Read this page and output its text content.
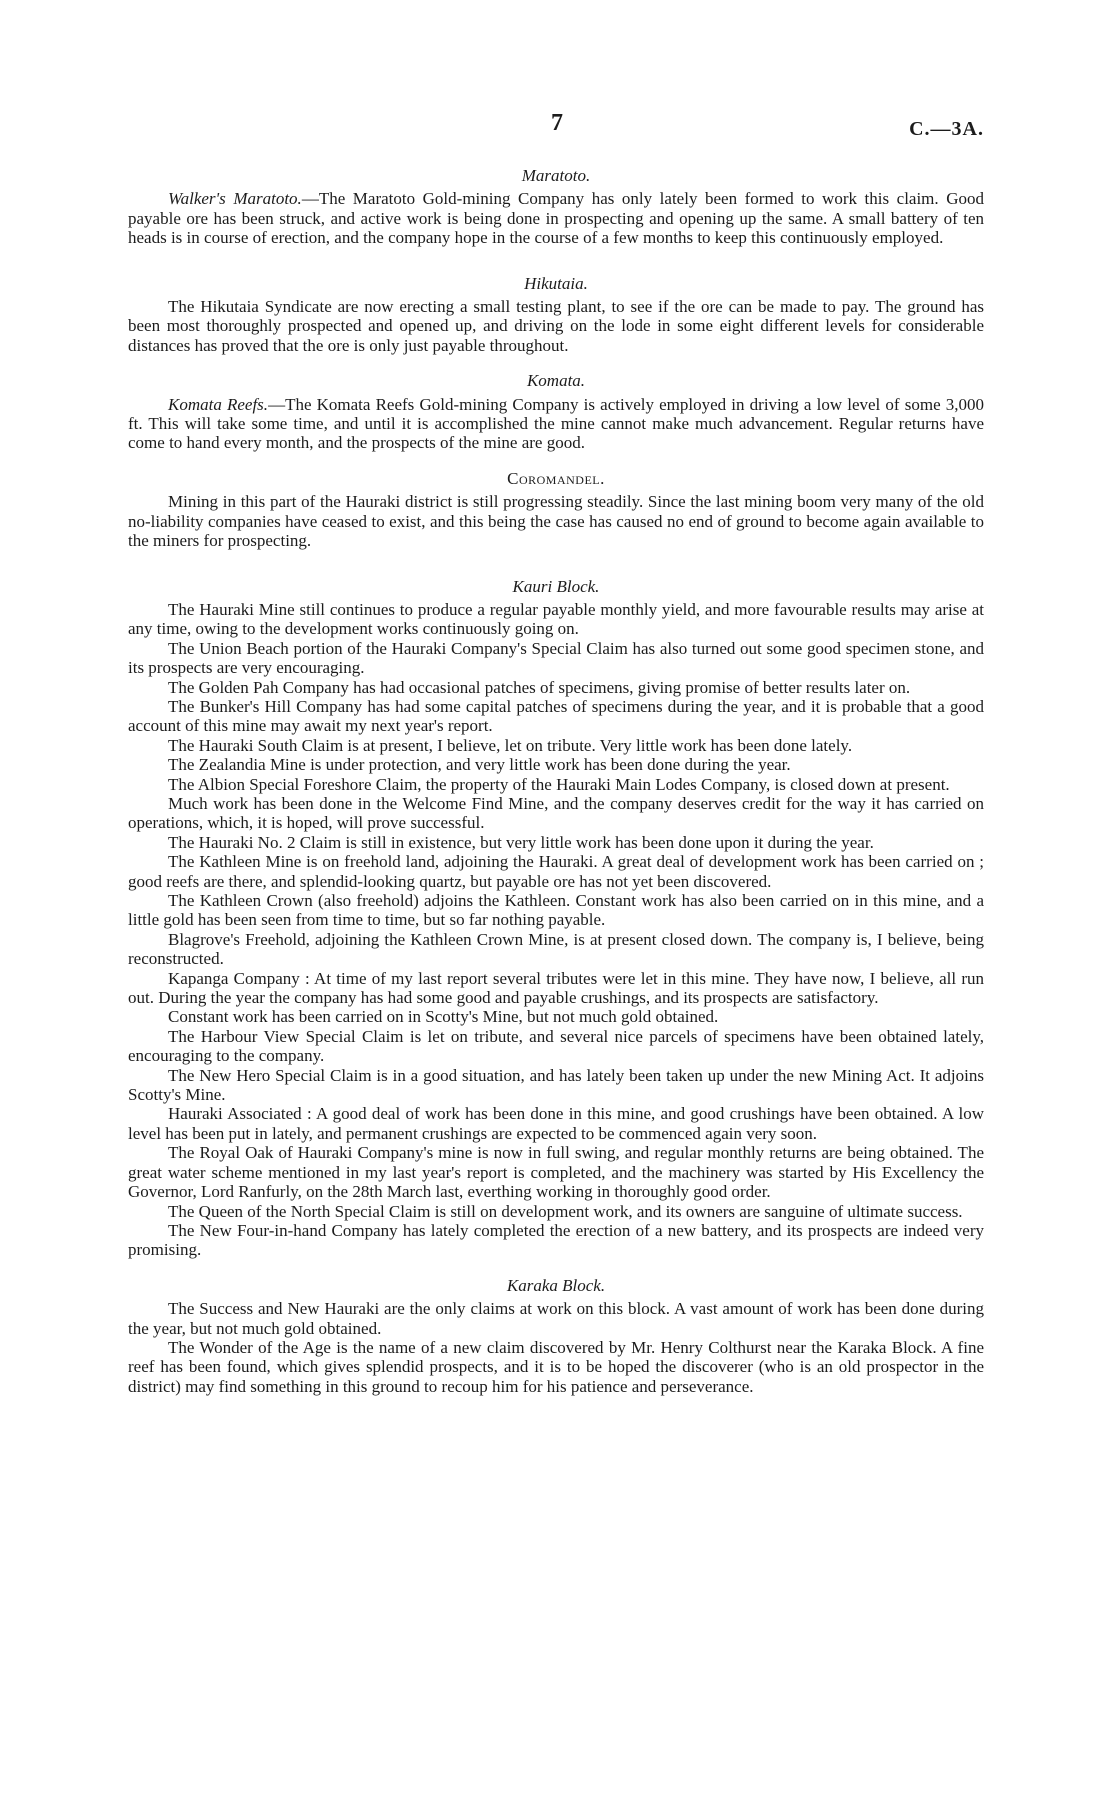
7	C.—3A.
Maratoto.

Walker's Maratoto.—The Maratoto Gold-mining Company has only lately been formed to work this claim. Good payable ore has been struck, and active work is being done in prospecting and opening up the same. A small battery of ten heads is in course of erection, and the company hope in the course of a few months to keep this continuously employed.

Hikutaia.

The Hikutaia Syndicate are now erecting a small testing plant, to see if the ore can be made to pay. The ground has been most thoroughly prospected and opened up, and driving on the lode in some eight different levels for considerable distances has proved that the ore is only just payable throughout.

Komata.

Komata Reefs.—The Komata Reefs Gold-mining Company is actively employed in driving a low level of some 3,000 ft. This will take some time, and until it is accomplished the mine cannot make much advancement. Regular returns have come to hand every month, and the prospects of the mine are good.

Coromandel.

Mining in this part of the Hauraki district is still progressing steadily. Since the last mining boom very many of the old no-liability companies have ceased to exist, and this being the case has caused no end of ground to become again available to the miners for prospecting.

Kauri Block.

The Hauraki Mine still continues to produce a regular payable monthly yield, and more favourable results may arise at any time, owing to the development works continuously going on.

The Union Beach portion of the Hauraki Company's Special Claim has also turned out some good specimen stone, and its prospects are very encouraging.

The Golden Pah Company has had occasional patches of specimens, giving promise of better results later on.

The Bunker's Hill Company has had some capital patches of specimens during the year, and it is probable that a good account of this mine may await my next year's report.

The Hauraki South Claim is at present, I believe, let on tribute. Very little work has been done lately.

The Zealandia Mine is under protection, and very little work has been done during the year.

The Albion Special Foreshore Claim, the property of the Hauraki Main Lodes Company, is closed down at present.

Much work has been done in the Welcome Find Mine, and the company deserves credit for the way it has carried on operations, which, it is hoped, will prove successful.

The Hauraki No. 2 Claim is still in existence, but very little work has been done upon it during the year.

The Kathleen Mine is on freehold land, adjoining the Hauraki. A great deal of development work has been carried on ; good reefs are there, and splendid-looking quartz, but payable ore has not yet been discovered.

The Kathleen Crown (also freehold) adjoins the Kathleen. Constant work has also been carried on in this mine, and a little gold has been seen from time to time, but so far nothing payable.

Blagrove's Freehold, adjoining the Kathleen Crown Mine, is at present closed down. The company is, I believe, being reconstructed.

Kapanga Company : At time of my last report several tributes were let in this mine. They have now, I believe, all run out. During the year the company has had some good and payable crushings, and its prospects are satisfactory.

Constant work has been carried on in Scotty's Mine, but not much gold obtained.

The Harbour View Special Claim is let on tribute, and several nice parcels of specimens have been obtained lately, encouraging to the company.

The New Hero Special Claim is in a good situation, and has lately been taken up under the new Mining Act. It adjoins Scotty's Mine.

Hauraki Associated : A good deal of work has been done in this mine, and good crushings have been obtained. A low level has been put in lately, and permanent crushings are expected to be commenced again very soon.

The Royal Oak of Hauraki Company's mine is now in full swing, and regular monthly returns are being obtained. The great water scheme mentioned in my last year's report is completed, and the machinery was started by His Excellency the Governor, Lord Ranfurly, on the 28th March last, everthing working in thoroughly good order.

The Queen of the North Special Claim is still on development work, and its owners are sanguine of ultimate success.

The New Four-in-hand Company has lately completed the erection of a new battery, and its prospects are indeed very promising.

Karaka Block.

The Success and New Hauraki are the only claims at work on this block. A vast amount of work has been done during the year, but not much gold obtained.

The Wonder of the Age is the name of a new claim discovered by Mr. Henry Colthurst near the Karaka Block. A fine reef has been found, which gives splendid prospects, and it is to be hoped the discoverer (who is an old prospector in the district) may find something in this ground to recoup him for his patience and perseverance.
